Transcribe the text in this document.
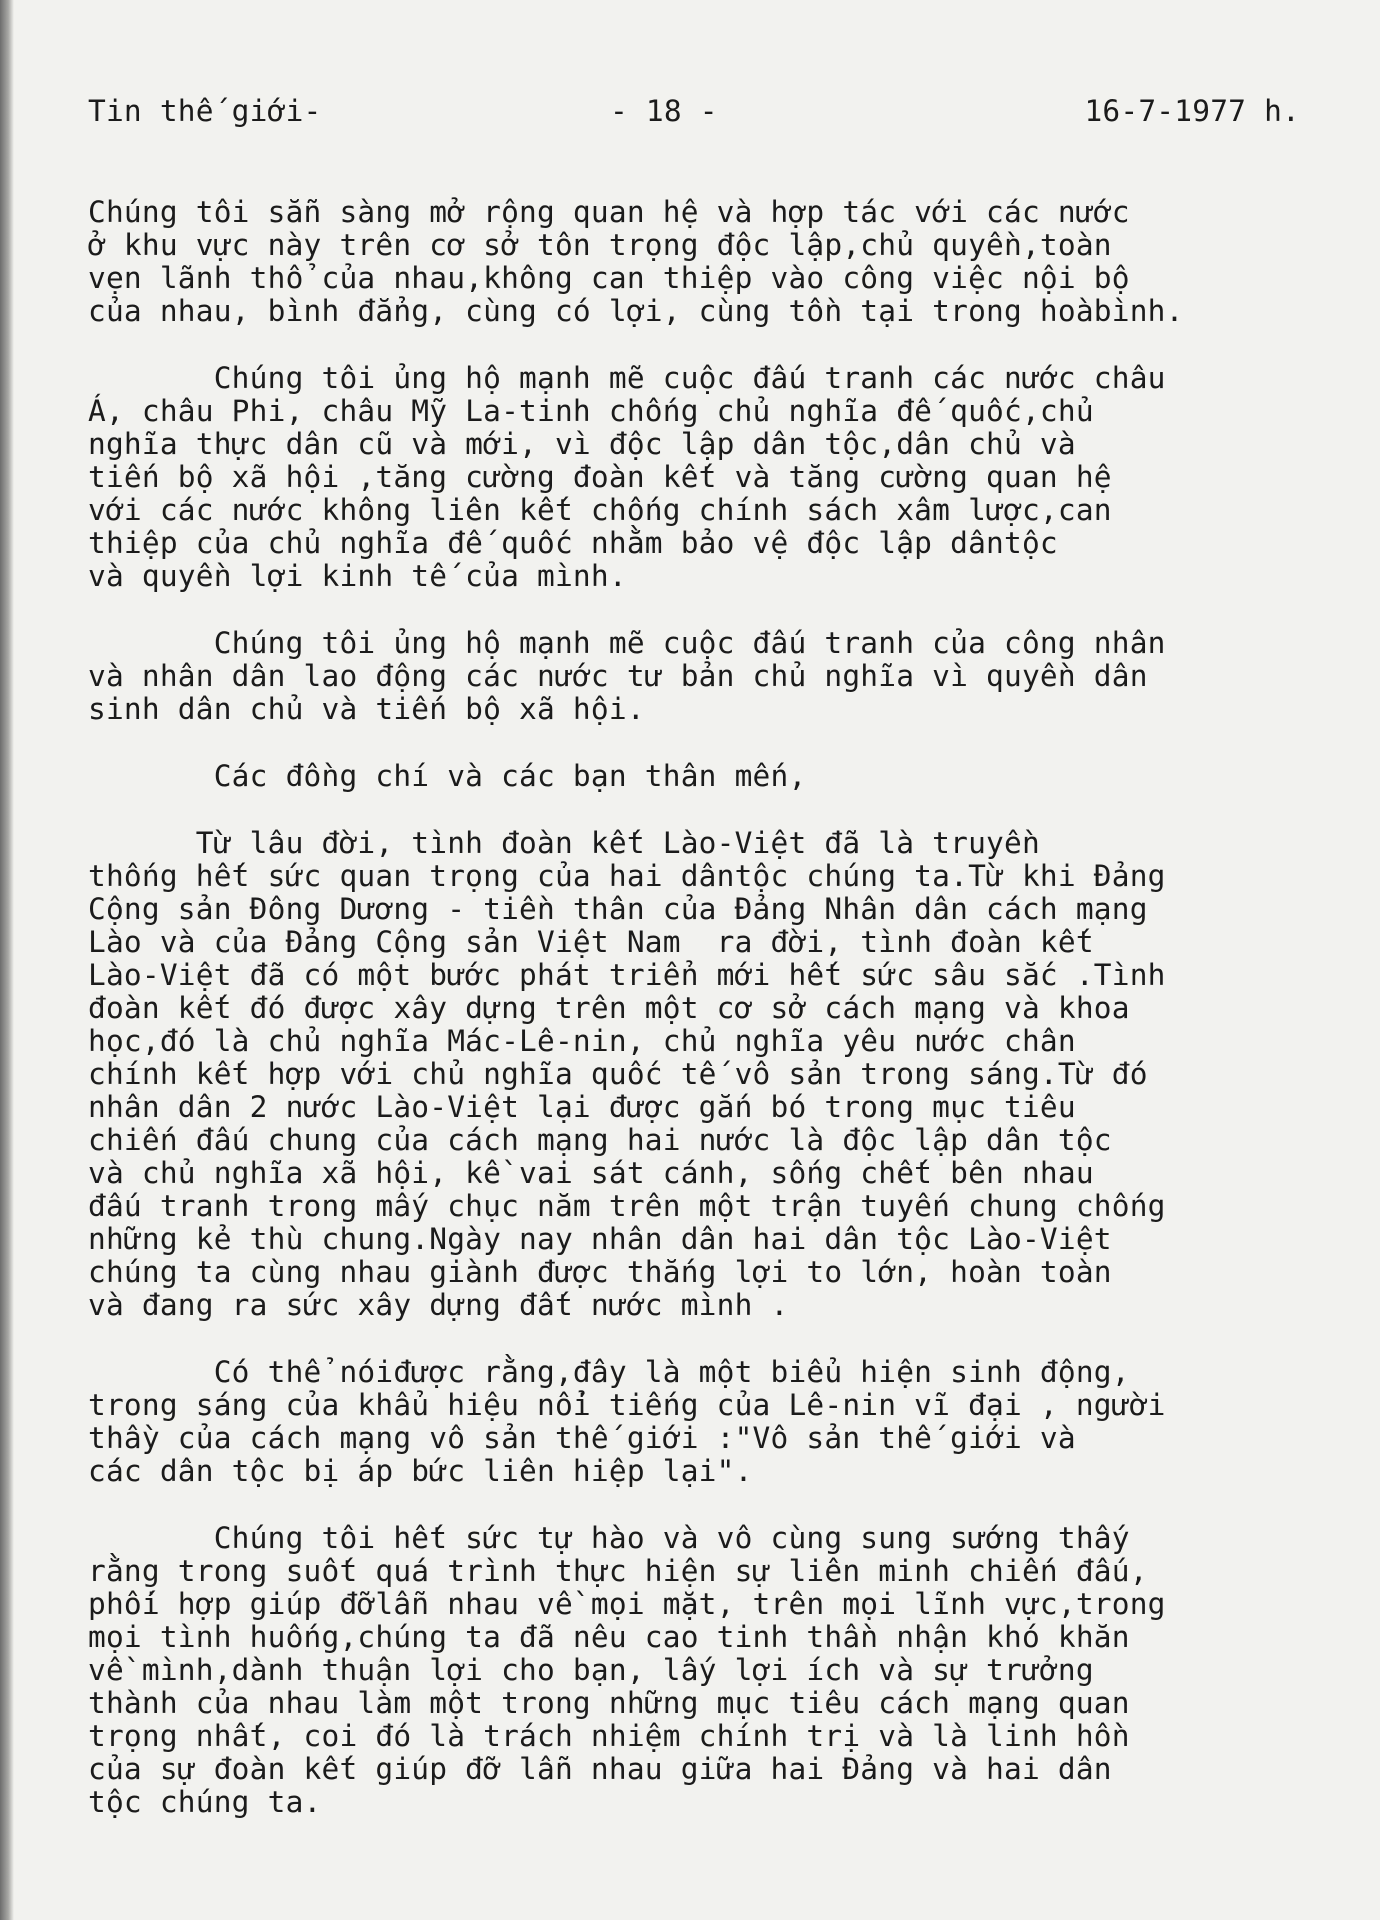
Tin thế giới-	- 18 -	16-7-1977 h.
Chúng tôi sẵn sàng mở rộng quan hệ và hợp tác với các nước
ở khu vực này trên cơ sở tôn trọng độc lập,chủ quyền,toàn
vẹn lãnh thổ của nhau,không can thiệp vào công việc nội bộ
của nhau, bình đẳng, cùng có lợi, cùng tồn tại trong hoàbình.
Chúng tôi ủng hộ mạnh mẽ cuộc đấu tranh các nước châu
Á, châu Phi, châu Mỹ La-tinh chống chủ nghĩa đế quốc,chủ
nghĩa thực dân cũ và mới, vì độc lập dân tộc,dân chủ và
tiến bộ xã hội ,tăng cường đoàn kết và tăng cường quan hệ
với các nước không liên kết chống chính sách xâm lược,can
thiệp của chủ nghĩa đế quốc nhằm bảo vệ độc lập dântộc
và quyền lợi kinh tế của mình.
Chúng tôi ủng hộ mạnh mẽ cuộc đấu tranh của công nhân
và nhân dân lao động các nước tư bản chủ nghĩa vì quyền dân
sinh dân chủ và tiến bộ xã hội.
Các đồng chí và các bạn thân mến,
Từ lâu đời, tình đoàn kết Lào-Việt đã là truyền
thống hết sức quan trọng của hai dântộc chúng ta.Từ khi Đảng
Cộng sản Đông Dương - tiền thân của Đảng Nhân dân cách mạng
Lào và của Đảng Cộng sản Việt Nam  ra đời, tình đoàn kết
Lào-Việt đã có một bước phát triển mới hết sức sâu sắc .Tình
đoàn kết đó được xây dựng trên một cơ sở cách mạng và khoa
học,đó là chủ nghĩa Mác-Lê-nin, chủ nghĩa yêu nước chân
chính kết hợp với chủ nghĩa quốc tế vô sản trong sáng.Từ đó
nhân dân 2 nước Lào-Việt lại được gắn bó trong mục tiêu
chiến đấu chung của cách mạng hai nước là độc lập dân tộc
và chủ nghĩa xã hội, kề vai sát cánh, sống chết bên nhau
đấu tranh trong mấy chục năm trên một trận tuyến chung chống
những kẻ thù chung.Ngày nay nhân dân hai dân tộc Lào-Việt
chúng ta cùng nhau giành được thắng lợi to lớn, hoàn toàn
và đang ra sức xây dựng đất nước mình .
Có thể nóiđược rằng,đây là một biểu hiện sinh động,
trong sáng của khẩu hiệu nổi tiếng của Lê-nin vĩ đại , người
thầy của cách mạng vô sản thế giới :"Vô sản thế giới và
các dân tộc bị áp bức liên hiệp lại".
Chúng tôi hết sức tự hào và vô cùng sung sướng thấy
rằng trong suốt quá trình thực hiện sự liên minh chiến đấu,
phối hợp giúp đỡlẫn nhau về mọi mặt, trên mọi lĩnh vực,trong
mọi tình huống,chúng ta đã nêu cao tinh thần nhận khó khăn
về mình,dành thuận lợi cho bạn, lấy lợi ích và sự trưởng
thành của nhau làm một trong những mục tiêu cách mạng quan
trọng nhất, coi đó là trách nhiệm chính trị và là linh hồn
của sự đoàn kết giúp đỡ lẫn nhau giữa hai Đảng và hai dân
tộc chúng ta.
